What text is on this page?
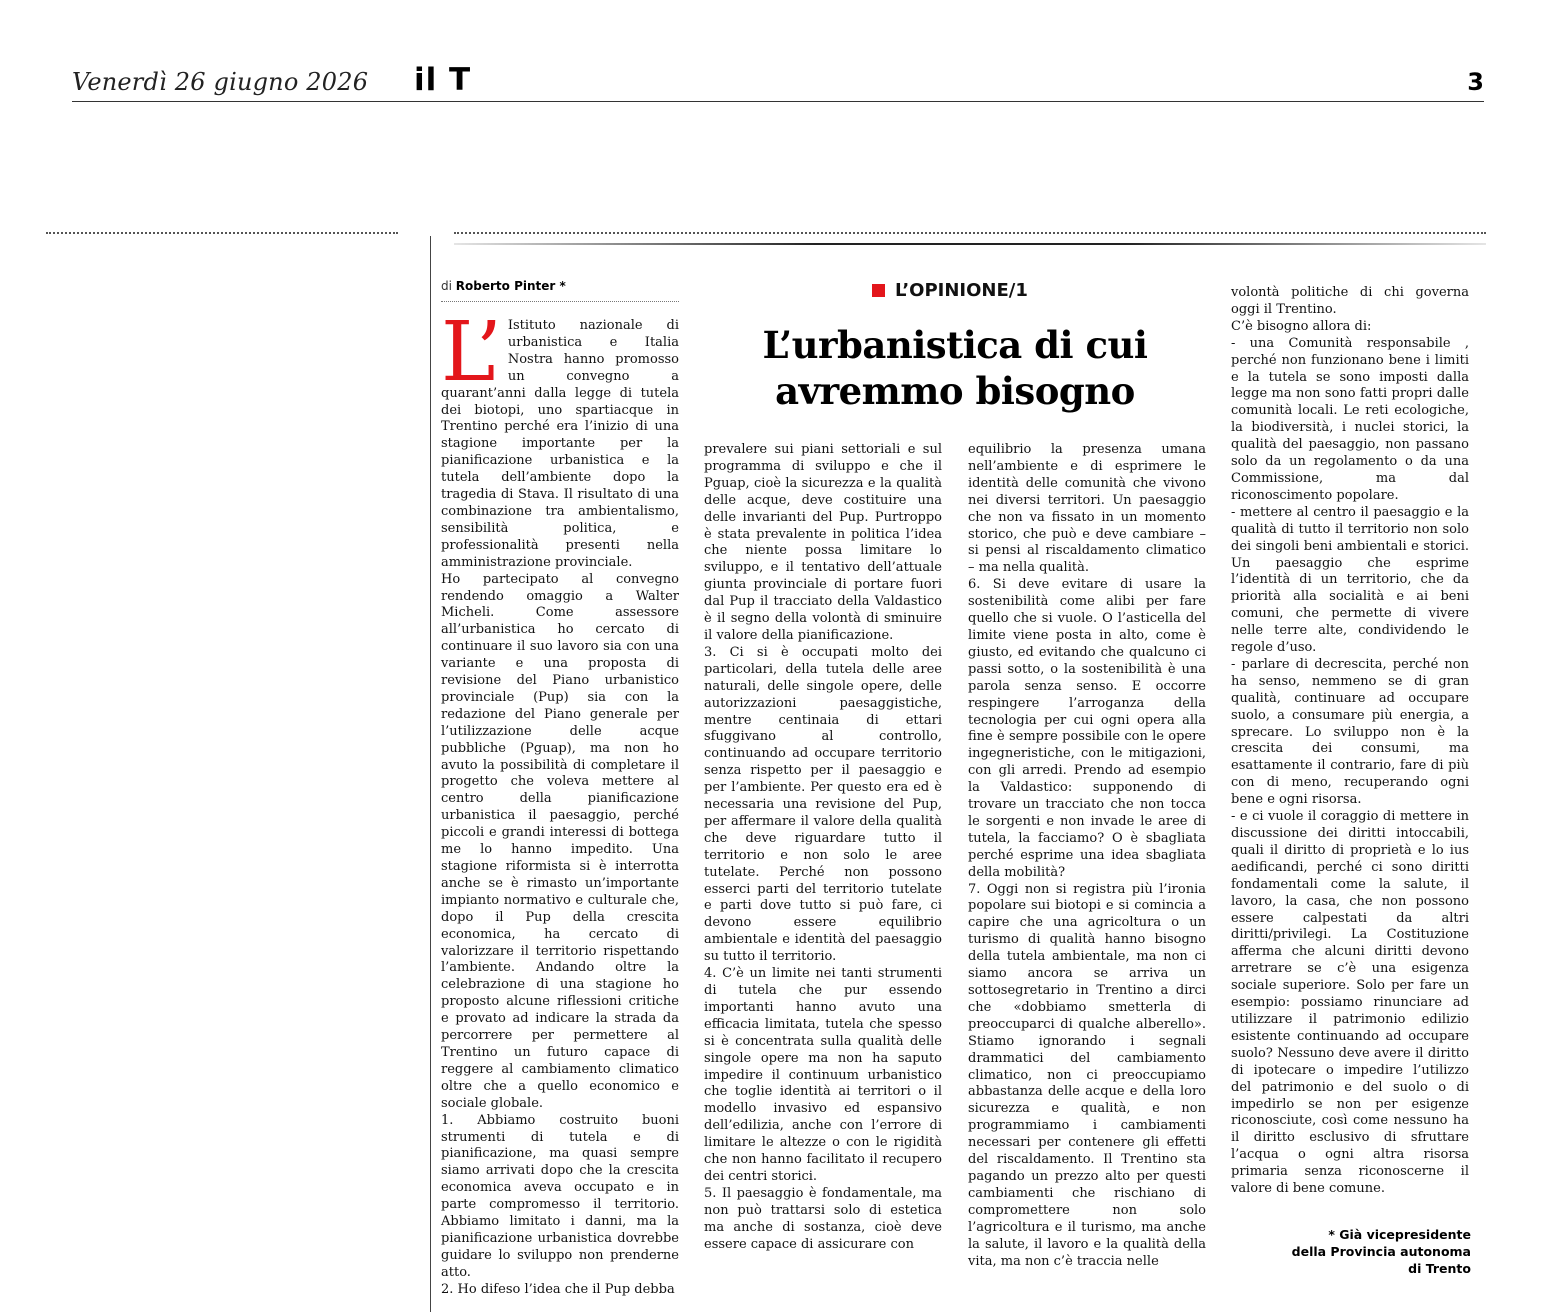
Venerdì 26 giugno 2026 il T	3
di Roberto Pinter *	L’OPINIONE/1
L’urbanistica di cui
avremmo bisogno
L’ Istituto nazionale di urbanistica e Italia Nostra hanno promosso un convegno a quarant’anni dalla legge di tutela dei biotopi, uno spartiacque in Trentino perché era l’inizio di una stagione importante per la pianificazione urbanistica e la tutela dell’ambiente dopo la tragedia di Stava. Il risultato di una combinazione tra ambientalismo, sensibilità politica, e professionalità presenti nella amministrazione provinciale.

Ho partecipato al convegno rendendo omaggio a Walter Micheli. Come assessore all’urbanistica ho cercato di continuare il suo lavoro sia con una variante e una proposta di revisione del Piano urbanistico provinciale (Pup) sia con la redazione del Piano generale per l’utilizzazione delle acque pubbliche (Pguap), ma non ho avuto la possibilità di completare il progetto che voleva mettere al centro della pianificazione urbanistica il paesaggio, perché piccoli e grandi interessi di bottega me lo hanno impedito. Una stagione riformista si è interrotta anche se è rimasto un’importante impianto normativo e culturale che, dopo il Pup della crescita economica, ha cercato di valorizzare il territorio rispettando l’ambiente. Andando oltre la celebrazione di una stagione ho proposto alcune riflessioni critiche e provato ad indicare la strada da percorrere per permettere al Trentino un futuro capace di reggere al cambiamento climatico oltre che a quello economico e sociale globale.

1. Abbiamo costruito buoni strumenti di tutela e di pianificazione, ma quasi sempre siamo arrivati dopo che la crescita economica aveva occupato e in parte compromesso il territorio. Abbiamo limitato i danni, ma la pianificazione urbanistica dovrebbe guidare lo sviluppo non prenderne atto.

2. Ho difeso l’idea che il Pup debba

prevalere sui piani settoriali e sul programma di sviluppo e che il Pguap, cioè la sicurezza e la qualità delle acque, deve costituire una delle invarianti del Pup. Purtroppo è stata prevalente in politica l’idea che niente possa limitare lo sviluppo, e il tentativo dell’attuale giunta provinciale di portare fuori dal Pup il tracciato della Valdastico è il segno della volontà di sminuire il valore della pianificazione.

3. Ci si è occupati molto dei particolari, della tutela delle aree naturali, delle singole opere, delle autorizzazioni paesaggistiche, mentre centinaia di ettari sfuggivano al controllo, continuando ad occupare territorio senza rispetto per il paesaggio e per l’ambiente. Per questo era ed è necessaria una revisione del Pup, per affermare il valore della qualità che deve riguardare tutto il territorio e non solo le aree tutelate. Perché non possono esserci parti del territorio tutelate e parti dove tutto si può fare, ci devono essere equilibrio ambientale e identità del paesaggio su tutto il territorio.

4. C’è un limite nei tanti strumenti di tutela che pur essendo importanti hanno avuto una efficacia limitata, tutela che spesso si è concentrata sulla qualità delle singole opere ma non ha saputo impedire il continuum urbanistico che toglie identità ai territori o il modello invasivo ed espansivo dell’edilizia, anche con l’errore di limitare le altezze o con le rigidità che non hanno facilitato il recupero dei centri storici.

5. Il paesaggio è fondamentale, ma non può trattarsi solo di estetica ma anche di sostanza, cioè deve essere capace di assicurare con

equilibrio la presenza umana nell’ambiente e di esprimere le identità delle comunità che vivono nei diversi territori. Un paesaggio che non va fissato in un momento storico, che può e deve cambiare – si pensi al riscaldamento climatico – ma nella qualità.

6. Si deve evitare di usare la sostenibilità come alibi per fare quello che si vuole. O l’asticella del limite viene posta in alto, come è giusto, ed evitando che qualcuno ci passi sotto, o la sostenibilità è una parola senza senso. E occorre respingere l’arroganza della tecnologia per cui ogni opera alla fine è sempre possibile con le opere ingegneristiche, con le mitigazioni, con gli arredi. Prendo ad esempio la Valdastico: supponendo di trovare un tracciato che non tocca le sorgenti e non invade le aree di tutela, la facciamo? O è sbagliata perché esprime una idea sbagliata della mobilità?

7. Oggi non si registra più l’ironia popolare sui biotopi e si comincia a capire che una agricoltura o un turismo di qualità hanno bisogno della tutela ambientale, ma non ci siamo ancora se arriva un sottosegretario in Trentino a dirci che «dobbiamo smetterla di preoccuparci di qualche alberello». Stiamo ignorando i segnali drammatici del cambiamento climatico, non ci preoccupiamo abbastanza delle acque e della loro sicurezza e qualità, e non programmiamo i cambiamenti necessari per contenere gli effetti del riscaldamento. Il Trentino sta pagando un prezzo alto per questi cambiamenti che rischiano di compromettere non solo l’agricoltura e il turismo, ma anche la salute, il lavoro e la qualità della vita, ma non c’è traccia nelle

volontà politiche di chi governa oggi il Trentino.

C’è bisogno allora di:

- una Comunità responsabile , perché non funzionano bene i limiti e la tutela se sono imposti dalla legge ma non sono fatti propri dalle comunità locali. Le reti ecologiche, la biodiversità, i nuclei storici, la qualità del paesaggio, non passano solo da un regolamento o da una Commissione, ma dal riconoscimento popolare.

- mettere al centro il paesaggio e la qualità di tutto il territorio non solo dei singoli beni ambientali e storici. Un paesaggio che esprime l’identità di un territorio, che da priorità alla socialità e ai beni comuni, che permette di vivere nelle terre alte, condividendo le regole d’uso.

- parlare di decrescita, perché non ha senso, nemmeno se di gran qualità, continuare ad occupare suolo, a consumare più energia, a sprecare. Lo sviluppo non è la crescita dei consumi, ma esattamente il contrario, fare di più con di meno, recuperando ogni bene e ogni risorsa.

- e ci vuole il coraggio di mettere in discussione dei diritti intoccabili, quali il diritto di proprietà e lo ius aedificandi, perché ci sono diritti fondamentali come la salute, il lavoro, la casa, che non possono essere calpestati da altri diritti/privilegi. La Costituzione afferma che alcuni diritti devono arretrare se c’è una esigenza sociale superiore. Solo per fare un esempio: possiamo rinunciare ad utilizzare il patrimonio edilizio esistente continuando ad occupare suolo? Nessuno deve avere il diritto di ipotecare o impedire l’utilizzo del patrimonio e del suolo o di impedirlo se non per esigenze riconosciute, così come nessuno ha il diritto esclusivo di sfruttare l’acqua o ogni altra risorsa primaria senza riconoscerne il valore di bene comune.

* Già vicepresidente
della Provincia autonoma
di Trento
